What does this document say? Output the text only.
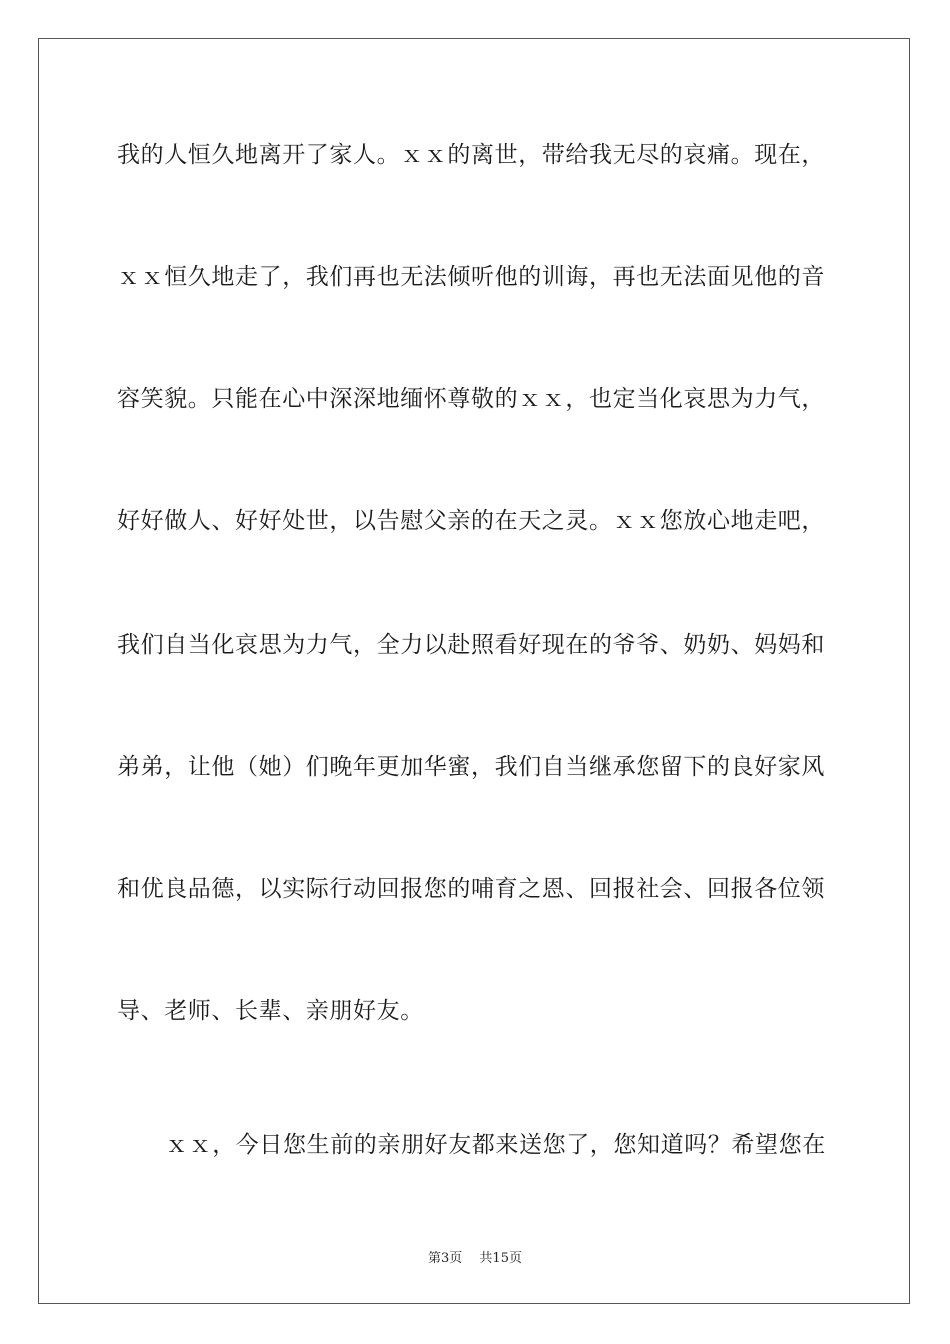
我的人恒久地离开了家人。ｘｘ的离世，带给我无尽的哀痛。现在，
ｘｘ恒久地走了，我们再也无法倾听他的训诲，再也无法面见他的音
容笑貌。只能在心中深深地缅怀尊敬的ｘｘ，也定当化哀思为力气，
好好做人、好好处世，以告慰父亲的在天之灵。ｘｘ您放心地走吧，
我们自当化哀思为力气，全力以赴照看好现在的爷爷、奶奶、妈妈和
弟弟，让他（她）们晚年更加华蜜，我们自当继承您留下的良好家风
和优良品德，以实际行动回报您的哺育之恩、回报社会、回报各位领
导、老师、长辈、亲朋好友。
ｘｘ，今日您生前的亲朋好友都来送您了，您知道吗？希望您在
第3页　 共15页
